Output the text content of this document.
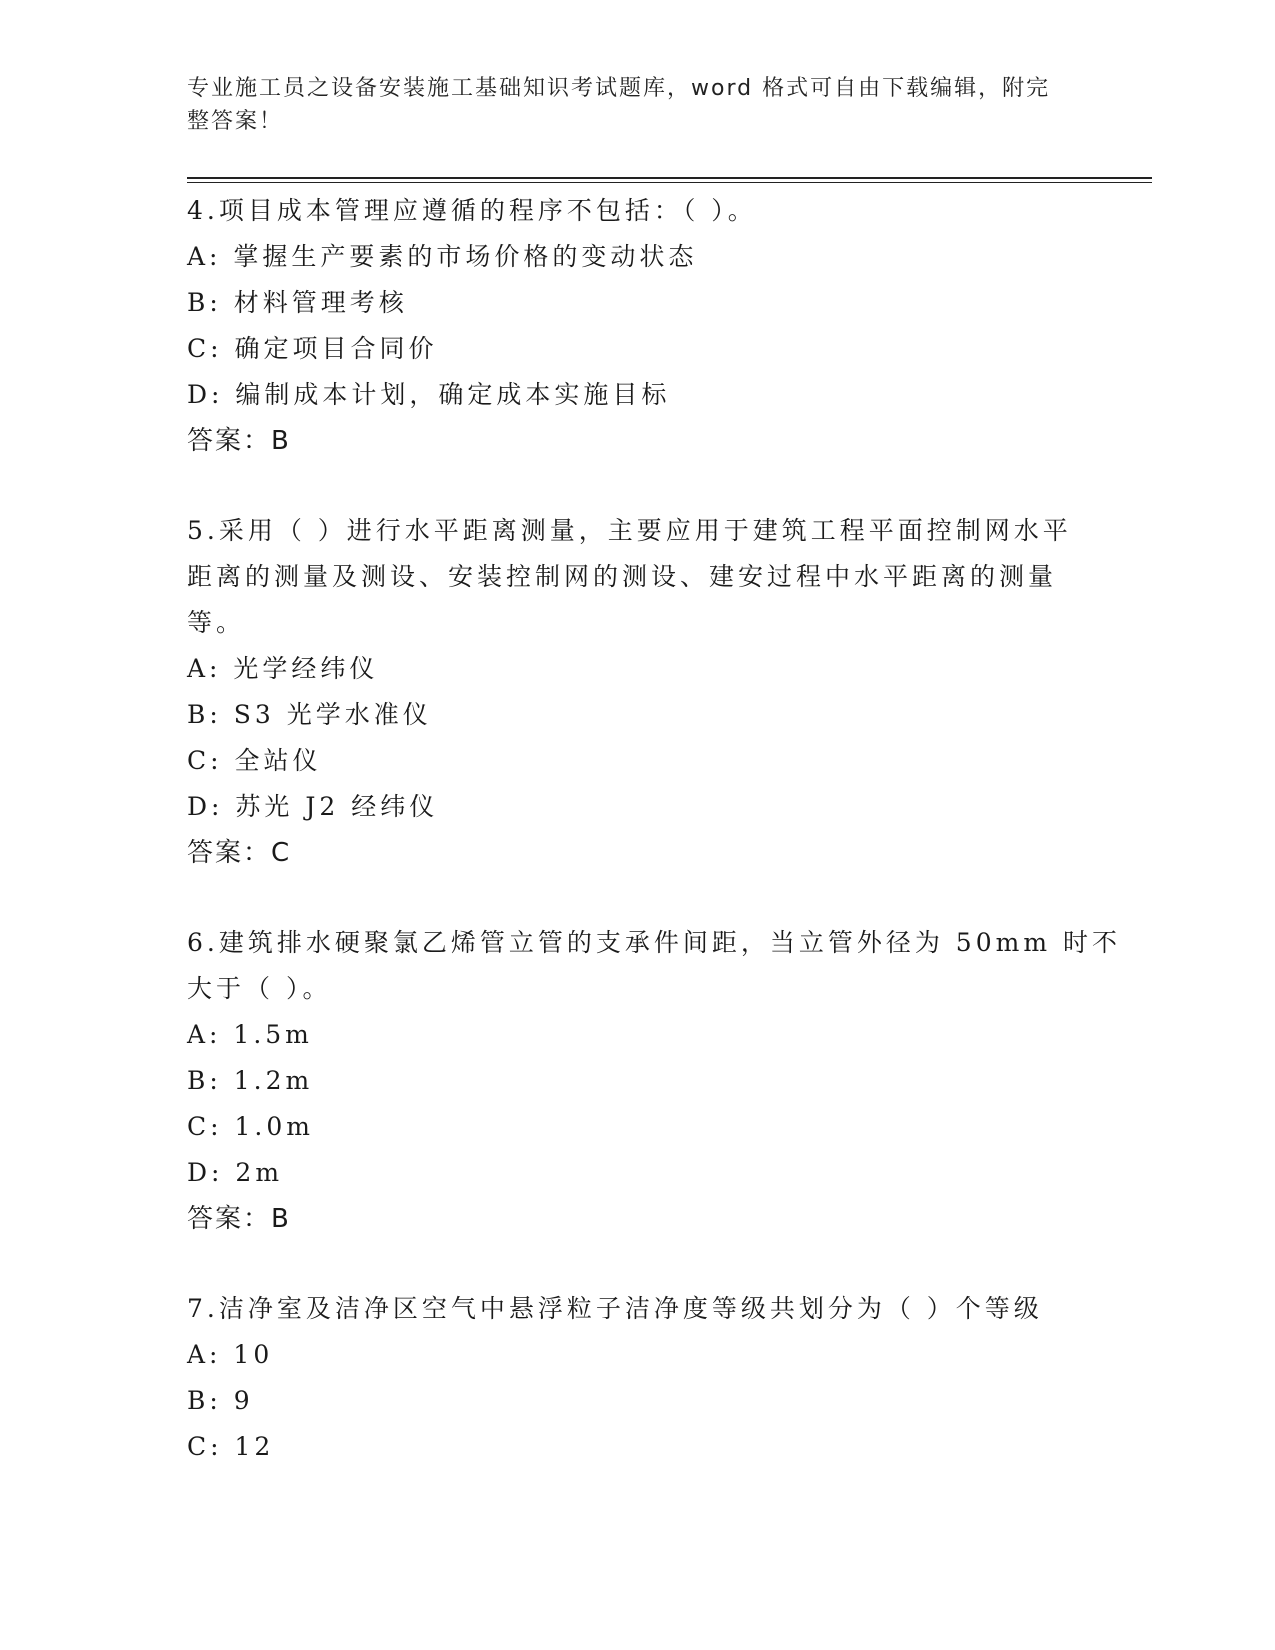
专业施工员之设备安装施工基础知识考试题库，word 格式可自由下载编辑，附完
整答案！
4.项目成本管理应遵循的程序不包括：（ ）。
A: 掌握生产要素的市场价格的变动状态
B: 材料管理考核
C: 确定项目合同价
D: 编制成本计划，确定成本实施目标
答案：B
5.采用（ ）进行水平距离测量，主要应用于建筑工程平面控制网水平
距离的测量及测设、安装控制网的测设、建安过程中水平距离的测量
等。
A: 光学经纬仪
B: S3 光学水准仪
C: 全站仪
D: 苏光 J2 经纬仪
答案：C
6.建筑排水硬聚氯乙烯管立管的支承件间距，当立管外径为 50mm 时不
大于（ ）。
A: 1.5m
B: 1.2m
C: 1.0m
D: 2m
答案：B
7.洁净室及洁净区空气中悬浮粒子洁净度等级共划分为（ ）个等级
A: 10
B: 9
C: 12
